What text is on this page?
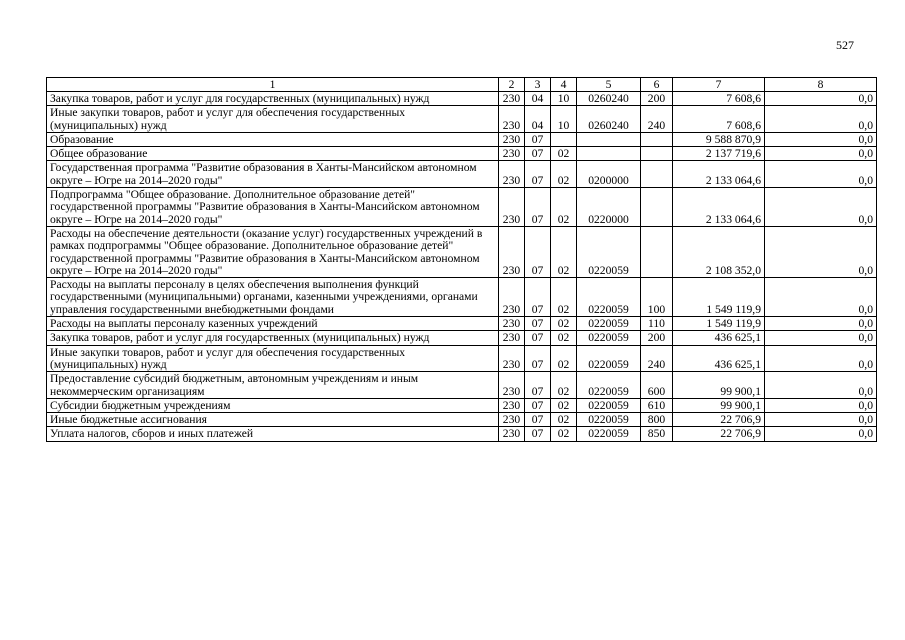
527
1	2	3	4	5	6	7	8
Закупка товаров, работ и услуг для государственных (муниципальных) нужд	230	04	10	0260240	200	7 608,6	0,0
Иные закупки товаров, работ и услуг для обеспечения государственных (муниципальных) нужд	230	04	10	0260240	240	7 608,6	0,0
Образование	230	07				9 588 870,9	0,0
Общее образование	230	07	02			2 137 719,6	0,0
Государственная программа "Развитие образования в Ханты-Мансийском автономном округе – Югре на 2014–2020 годы"	230	07	02	0200000		2 133 064,6	0,0
Подпрограмма "Общее образование. Дополнительное образование детей" государственной программы "Развитие образования в Ханты-Мансийском автономном округе – Югре на 2014–2020 годы"	230	07	02	0220000		2 133 064,6	0,0
Расходы на обеспечение деятельности (оказание услуг) государственных учреждений в рамках подпрограммы "Общее образование. Дополнительное образование детей" государственной программы "Развитие образования в Ханты-Мансийском автономном округе – Югре на 2014–2020 годы"	230	07	02	0220059		2 108 352,0	0,0
Расходы на выплаты персоналу в целях обеспечения выполнения функций государственными (муниципальными) органами, казенными учреждениями, органами управления государственными внебюджетными фондами	230	07	02	0220059	100	1 549 119,9	0,0
Расходы на выплаты персоналу казенных учреждений	230	07	02	0220059	110	1 549 119,9	0,0
Закупка товаров, работ и услуг для государственных (муниципальных) нужд	230	07	02	0220059	200	436 625,1	0,0
Иные закупки товаров, работ и услуг для обеспечения государственных (муниципальных) нужд	230	07	02	0220059	240	436 625,1	0,0
Предоставление субсидий бюджетным, автономным учреждениям и иным некоммерческим организациям	230	07	02	0220059	600	99 900,1	0,0
Субсидии бюджетным учреждениям	230	07	02	0220059	610	99 900,1	0,0
Иные бюджетные ассигнования	230	07	02	0220059	800	22 706,9	0,0
Уплата налогов, сборов и иных платежей	230	07	02	0220059	850	22 706,9	0,0
